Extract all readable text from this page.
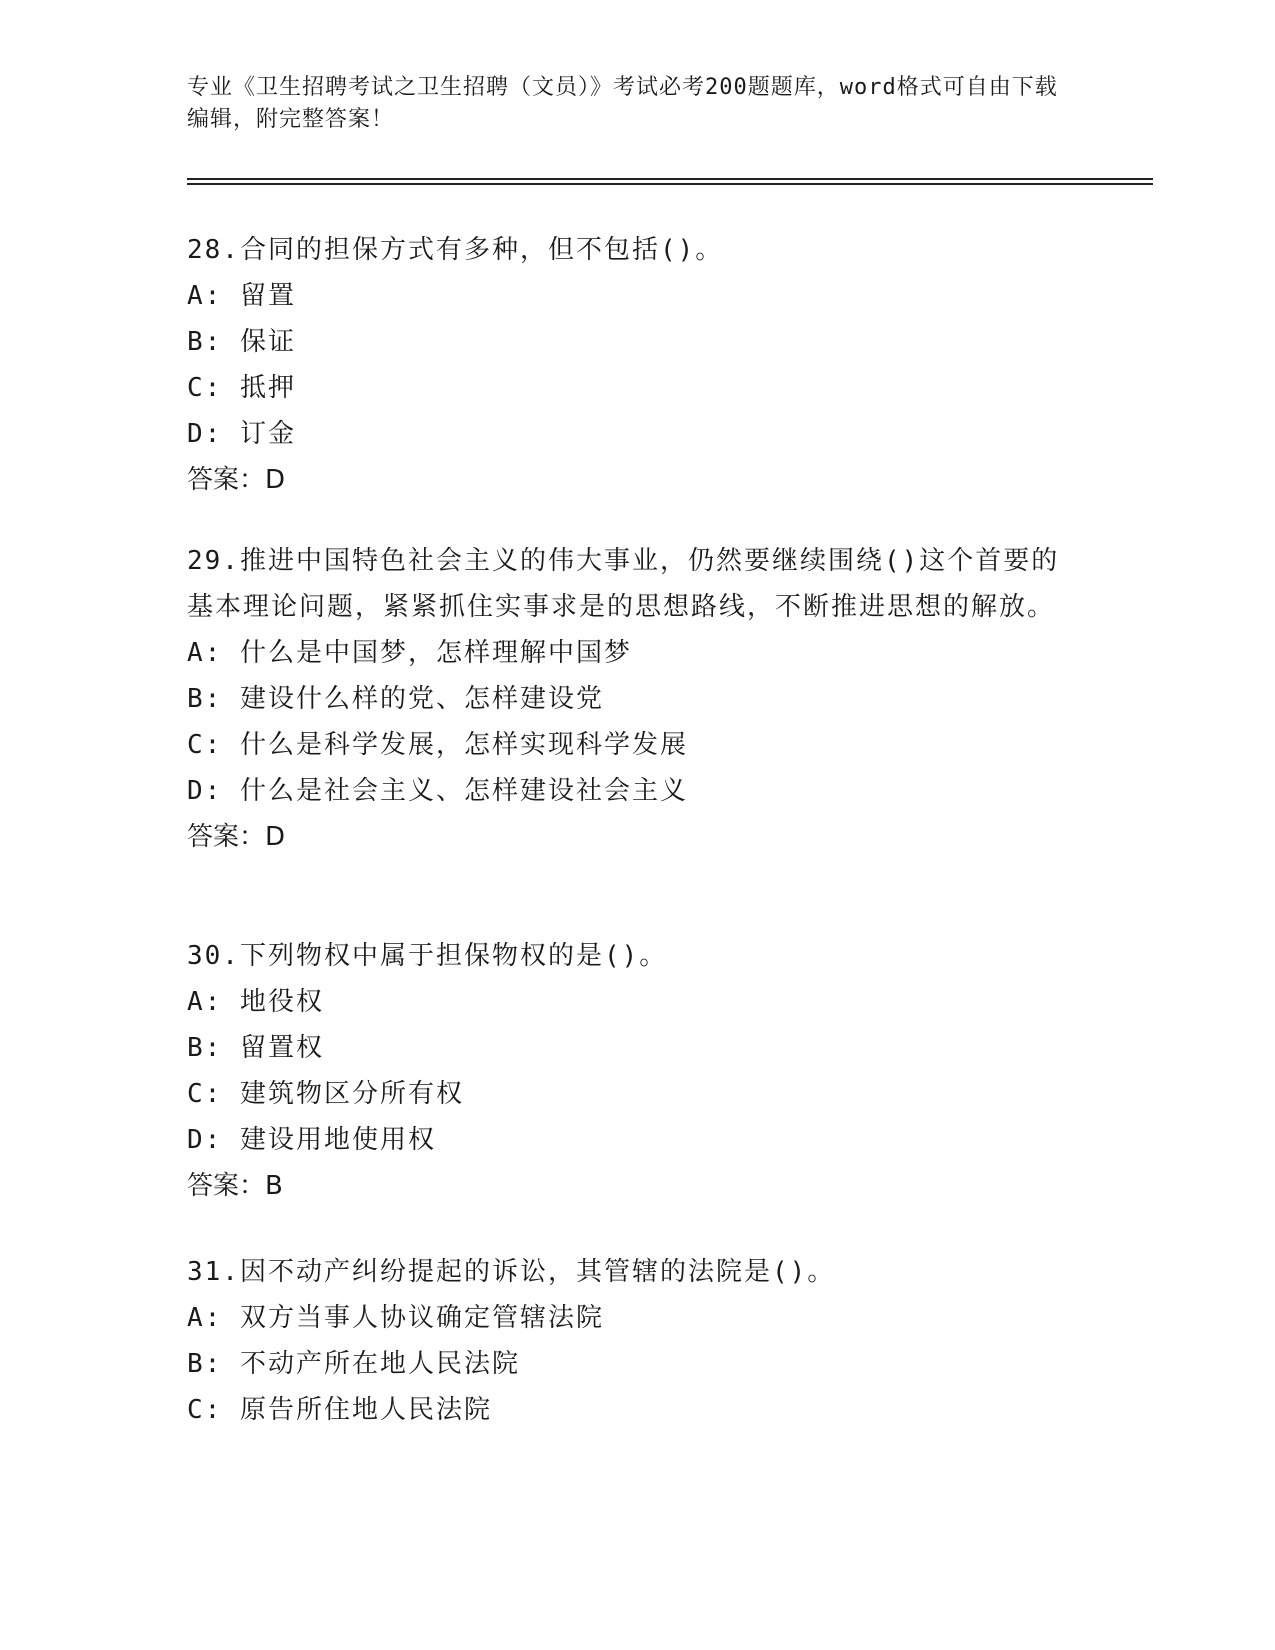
专业《卫生招聘考试之卫生招聘（文员）》考试必考200题题库，word格式可自由下载编辑，附完整答案！

28.合同的担保方式有多种，但不包括()。

A: 留置

B: 保证

C: 抵押

D: 订金

答案：D

29.推进中国特色社会主义的伟大事业，仍然要继续围绕()这个首要的基本理论问题，紧紧抓住实事求是的思想路线，不断推进思想的解放。

A: 什么是中国梦，怎样理解中国梦

B: 建设什么样的党、怎样建设党

C: 什么是科学发展，怎样实现科学发展

D: 什么是社会主义、怎样建设社会主义

答案：D

30.下列物权中属于担保物权的是()。

A: 地役权

B: 留置权

C: 建筑物区分所有权

D: 建设用地使用权

答案：B

31.因不动产纠纷提起的诉讼，其管辖的法院是()。

A: 双方当事人协议确定管辖法院

B: 不动产所在地人民法院

C: 原告所住地人民法院
